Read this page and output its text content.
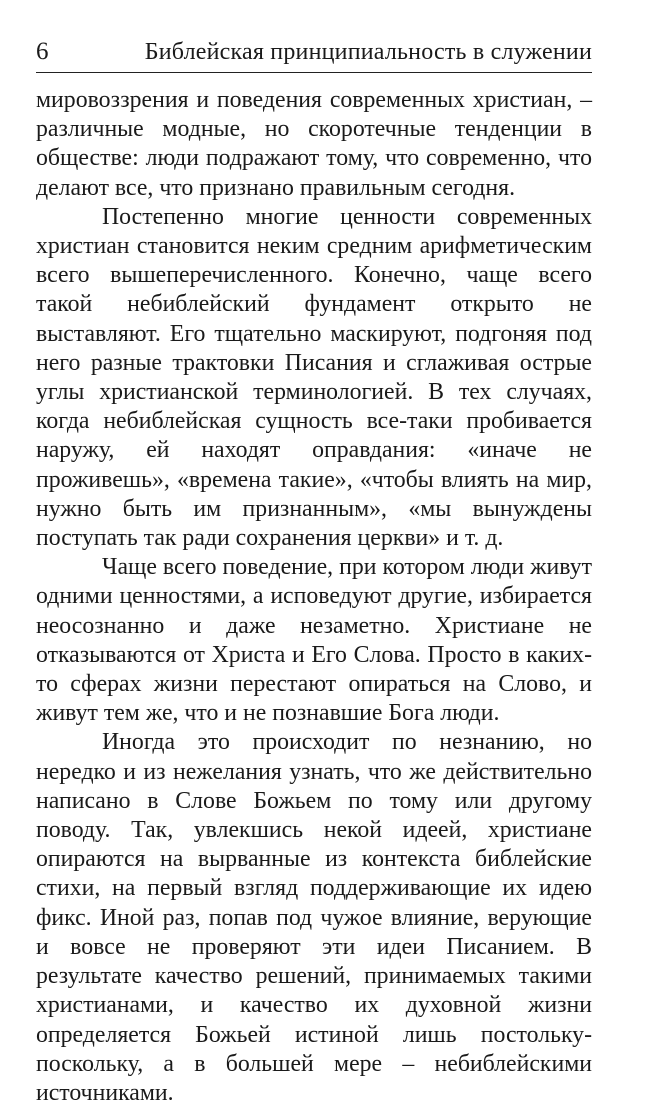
6	Библейская принципиальность в служении

мировоззрения и поведения современных христиан, – различные модные, но скоротечные тенденции в обществе: люди подражают тому, что современно, что делают все, что признано правильным сегодня.

Постепенно многие ценности современных христиан становится неким средним арифметическим всего вышеперечисленного. Конечно, чаще всего такой небиблейский фундамент открыто не выставляют. Его тщательно маскируют, подгоняя под него разные трактовки Писания и сглаживая острые углы христианской терминологией. В тех случаях, когда небиблейская сущность все-таки пробивается наружу, ей находят оправдания: «иначе не проживешь», «времена такие», «чтобы влиять на мир, нужно быть им признанным», «мы вынуждены поступать так ради сохранения церкви» и т. д.

Чаще всего поведение, при котором люди живут одними ценностями, а исповедуют другие, избирается неосознанно и даже незаметно. Христиане не отказываются от Христа и Его Слова. Просто в каких-то сферах жизни перестают опираться на Слово, и живут тем же, что и не познавшие Бога люди.

Иногда это происходит по незнанию, но нередко и из нежелания узнать, что же действительно написано в Слове Божьем по тому или другому поводу. Так, увлекшись некой идеей, христиане опираются на вырванные из контекста библейские стихи, на первый взгляд поддерживающие их идею фикс. Иной раз, попав под чужое влияние, верующие и вовсе не проверяют эти идеи Писанием. В результате качество решений, принимаемых такими христианами, и качество их духовной жизни определяется Божьей истиной лишь постольку-поскольку, а в большей мере – небиблейскими источниками.
